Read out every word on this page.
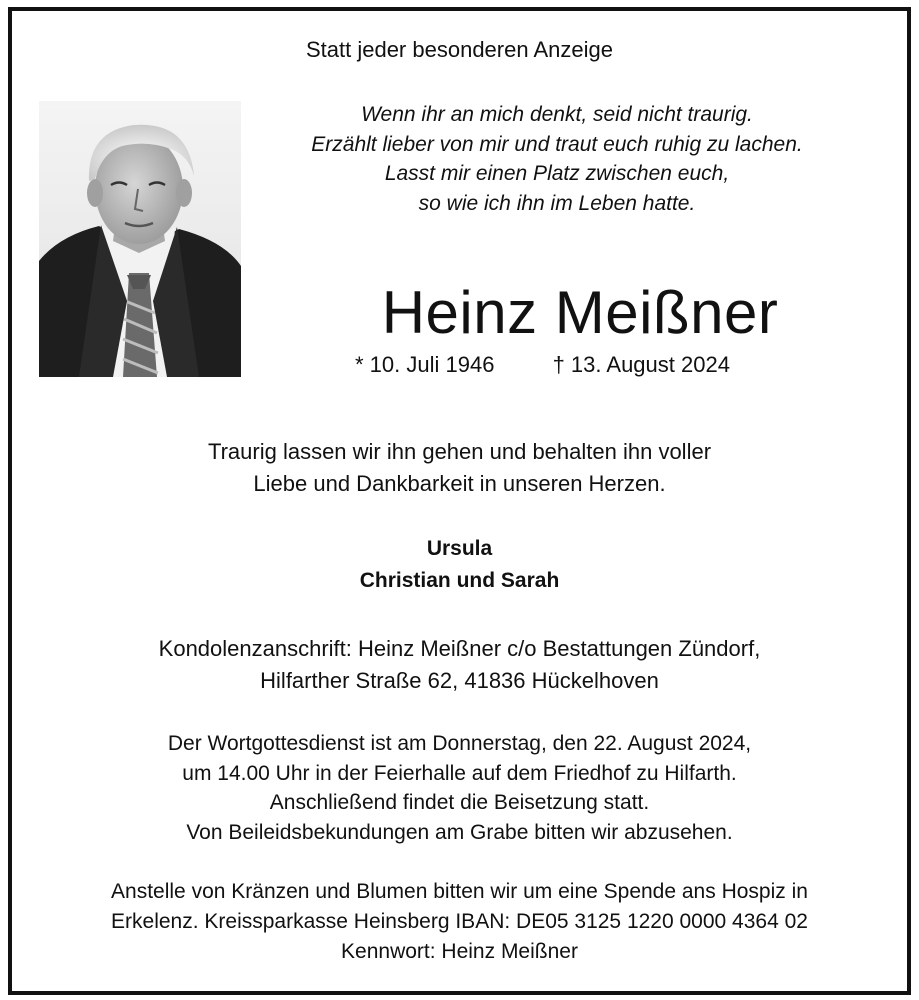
Statt jeder besonderen Anzeige
Wenn ihr an mich denkt, seid nicht traurig.
Erzählt lieber von mir und traut euch ruhig zu lachen.
Lasst mir einen Platz zwischen euch,
so wie ich ihn im Leben hatte.
Heinz Meißner
* 10. Juli 1946	† 13. August 2024
Traurig lassen wir ihn gehen und behalten ihn voller
Liebe und Dankbarkeit in unseren Herzen.
Ursula
Christian und Sarah
Kondolenzanschrift: Heinz Meißner c/o Bestattungen Zündorf,
Hilfarther Straße 62, 41836 Hückelhoven
Der Wortgottesdienst ist am Donnerstag, den 22. August 2024,
um 14.00 Uhr in der Feierhalle auf dem Friedhof zu Hilfarth.
Anschließend findet die Beisetzung statt.
Von Beileidsbekundungen am Grabe bitten wir abzusehen.
Anstelle von Kränzen und Blumen bitten wir um eine Spende ans Hospiz in
Erkelenz. Kreissparkasse Heinsberg IBAN: DE05 3125 1220 0000 4364 02
Kennwort: Heinz Meißner
